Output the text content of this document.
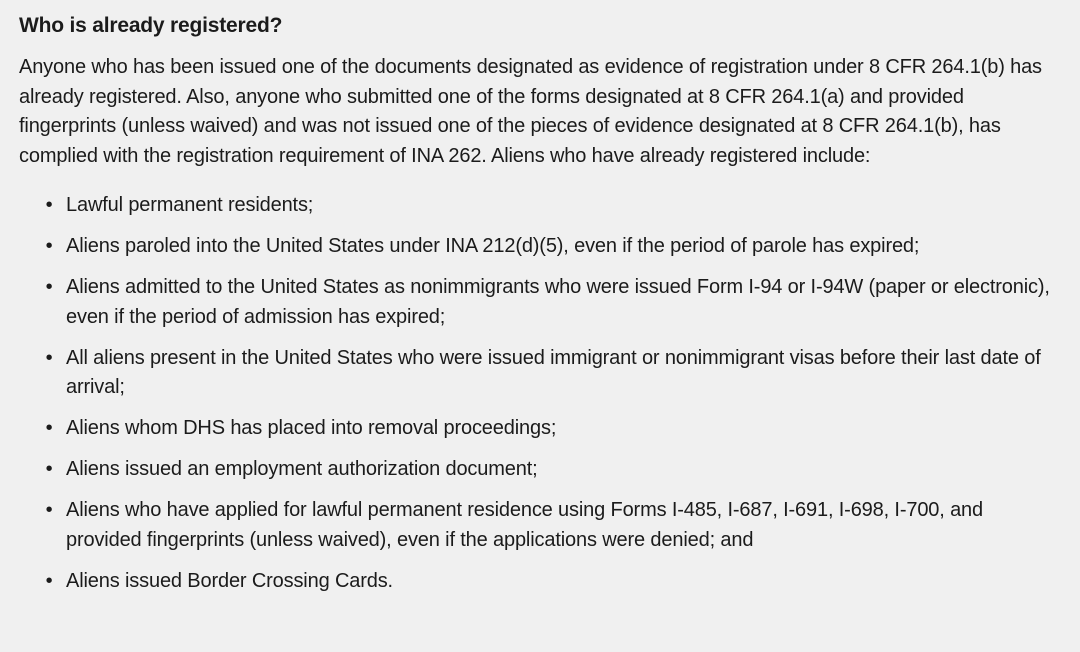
Who is already registered?

Anyone who has been issued one of the documents designated as evidence of registration under 8 CFR 264.1(b) has already registered. Also, anyone who submitted one of the forms designated at 8 CFR 264.1(a) and provided fingerprints (unless waived) and was not issued one of the pieces of evidence designated at 8 CFR 264.1(b), has complied with the registration requirement of INA 262. Aliens who have already registered include:

• Lawful permanent residents;
• Aliens paroled into the United States under INA 212(d)(5), even if the period of parole has expired;
• Aliens admitted to the United States as nonimmigrants who were issued Form I-94 or I-94W (paper or electronic), even if the period of admission has expired;
• All aliens present in the United States who were issued immigrant or nonimmigrant visas before their last date of arrival;
• Aliens whom DHS has placed into removal proceedings;
• Aliens issued an employment authorization document;
• Aliens who have applied for lawful permanent residence using Forms I-485, I-687, I-691, I-698, I-700, and provided fingerprints (unless waived), even if the applications were denied; and
• Aliens issued Border Crossing Cards.
